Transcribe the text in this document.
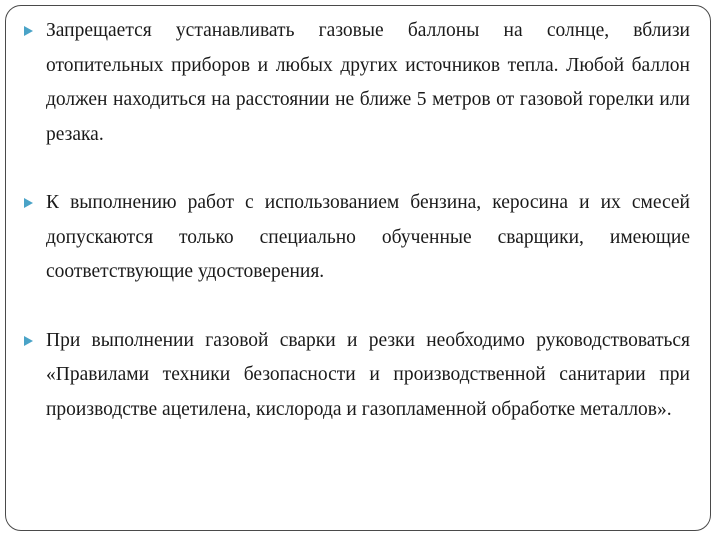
Запрещается устанавливать газовые баллоны на солнце, вблизи отопительных приборов и любых других источников тепла. Любой баллон должен находиться на расстоянии не ближе 5 метров от газовой горелки или резака.

К выполнению работ с использованием бензина, керосина и их смесей допускаются только специально обученные сварщики, имеющие соответствующие удостоверения.

При выполнении газовой сварки и резки необходимо руководствоваться «Правилами техники безопасности и производственной санитарии при производстве ацетилена, кислорода и газопламенной обработке металлов».
